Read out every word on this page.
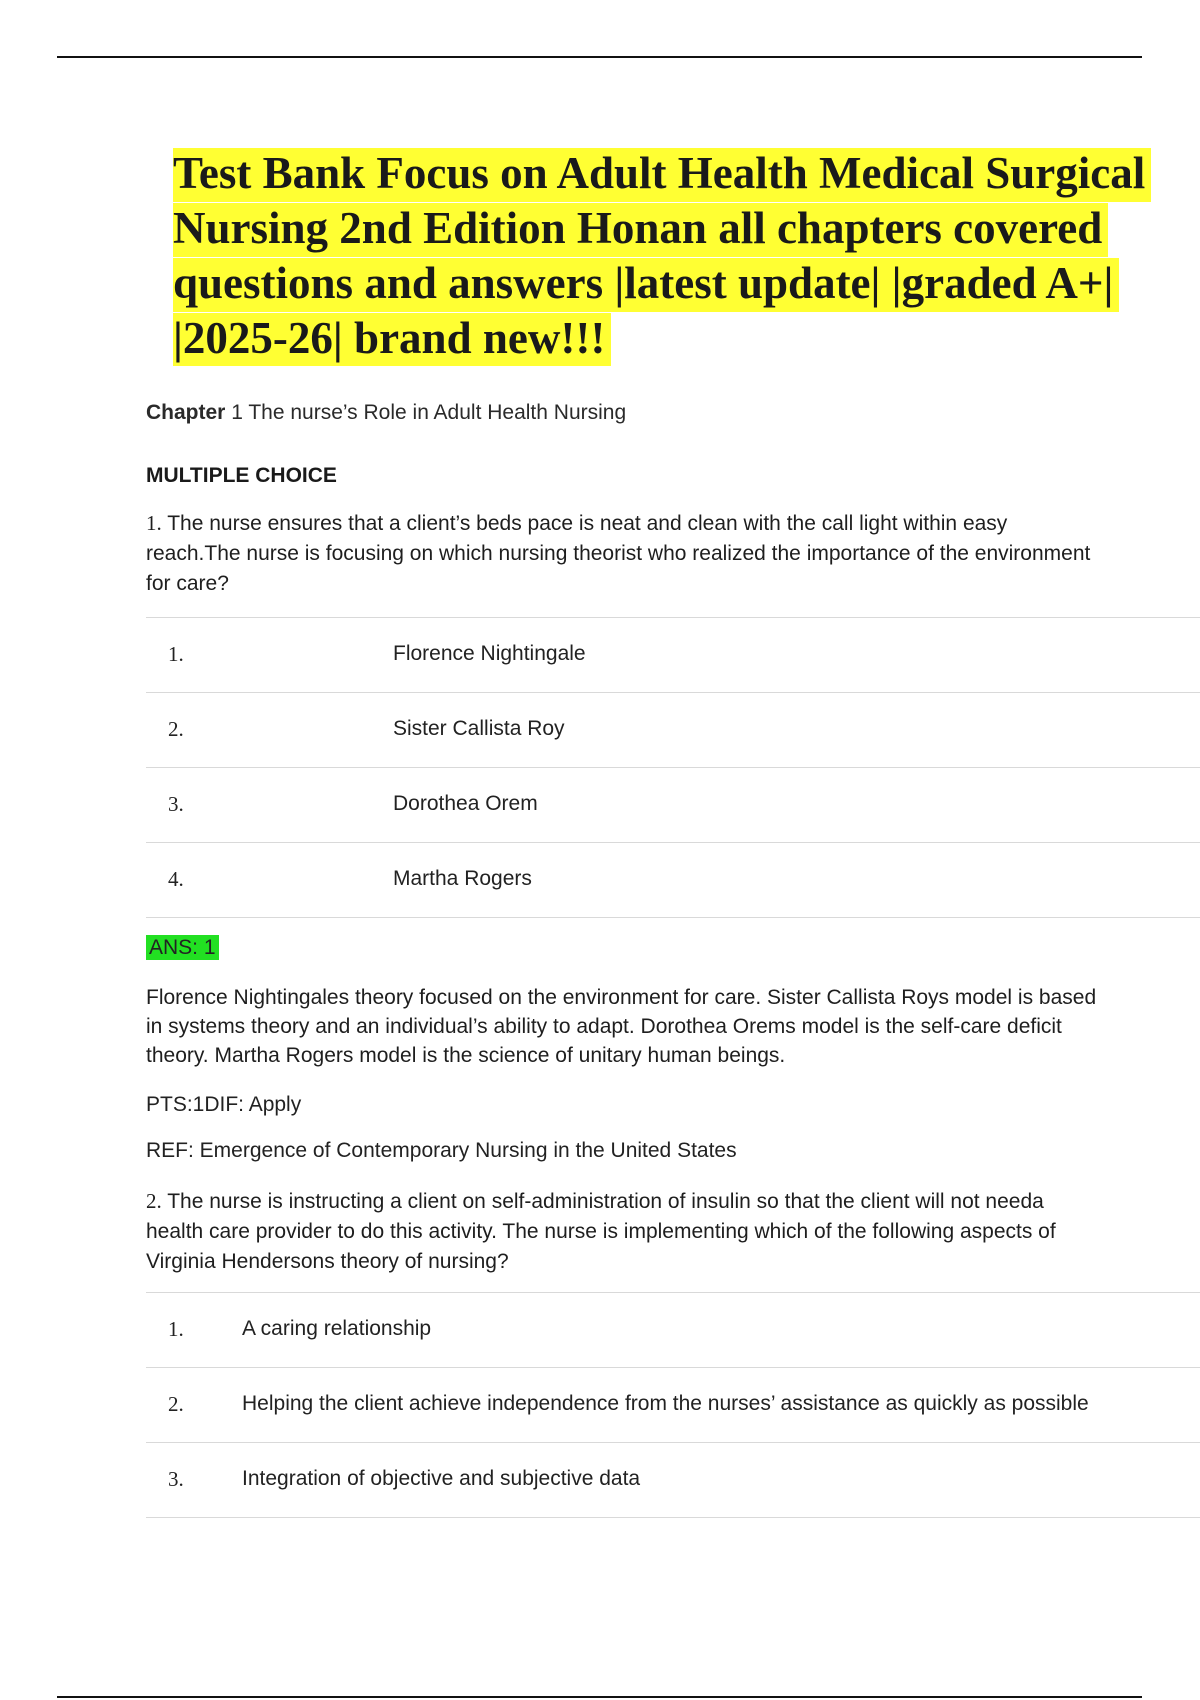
Test Bank Focus on Adult Health Medical Surgical
Nursing 2nd Edition Honan all chapters covered
questions and answers |latest update| |graded A+|
|2025-26| brand new!!!
Chapter 1 The nurse’s Role in Adult Health Nursing
MULTIPLE CHOICE
1. The nurse ensures that a client’s beds pace is neat and clean with the call light within easy reach.The nurse is focusing on which nursing theorist who realized the importance of the environment for care?
1.	Florence Nightingale
2.	Sister Callista Roy
3.	Dorothea Orem
4.	Martha Rogers
ANS: 1
Florence Nightingales theory focused on the environment for care. Sister Callista Roys model is based in systems theory and an individual’s ability to adapt. Dorothea Orems model is the self-care deficit theory. Martha Rogers model is the science of unitary human beings.
PTS:1DIF: Apply
REF: Emergence of Contemporary Nursing in the United States
2. The nurse is instructing a client on self-administration of insulin so that the client will not needa health care provider to do this activity. The nurse is implementing which of the following aspects of Virginia Hendersons theory of nursing?
1.	A caring relationship
2.	Helping the client achieve independence from the nurses’ assistance as quickly as possible
3.	Integration of objective and subjective data
